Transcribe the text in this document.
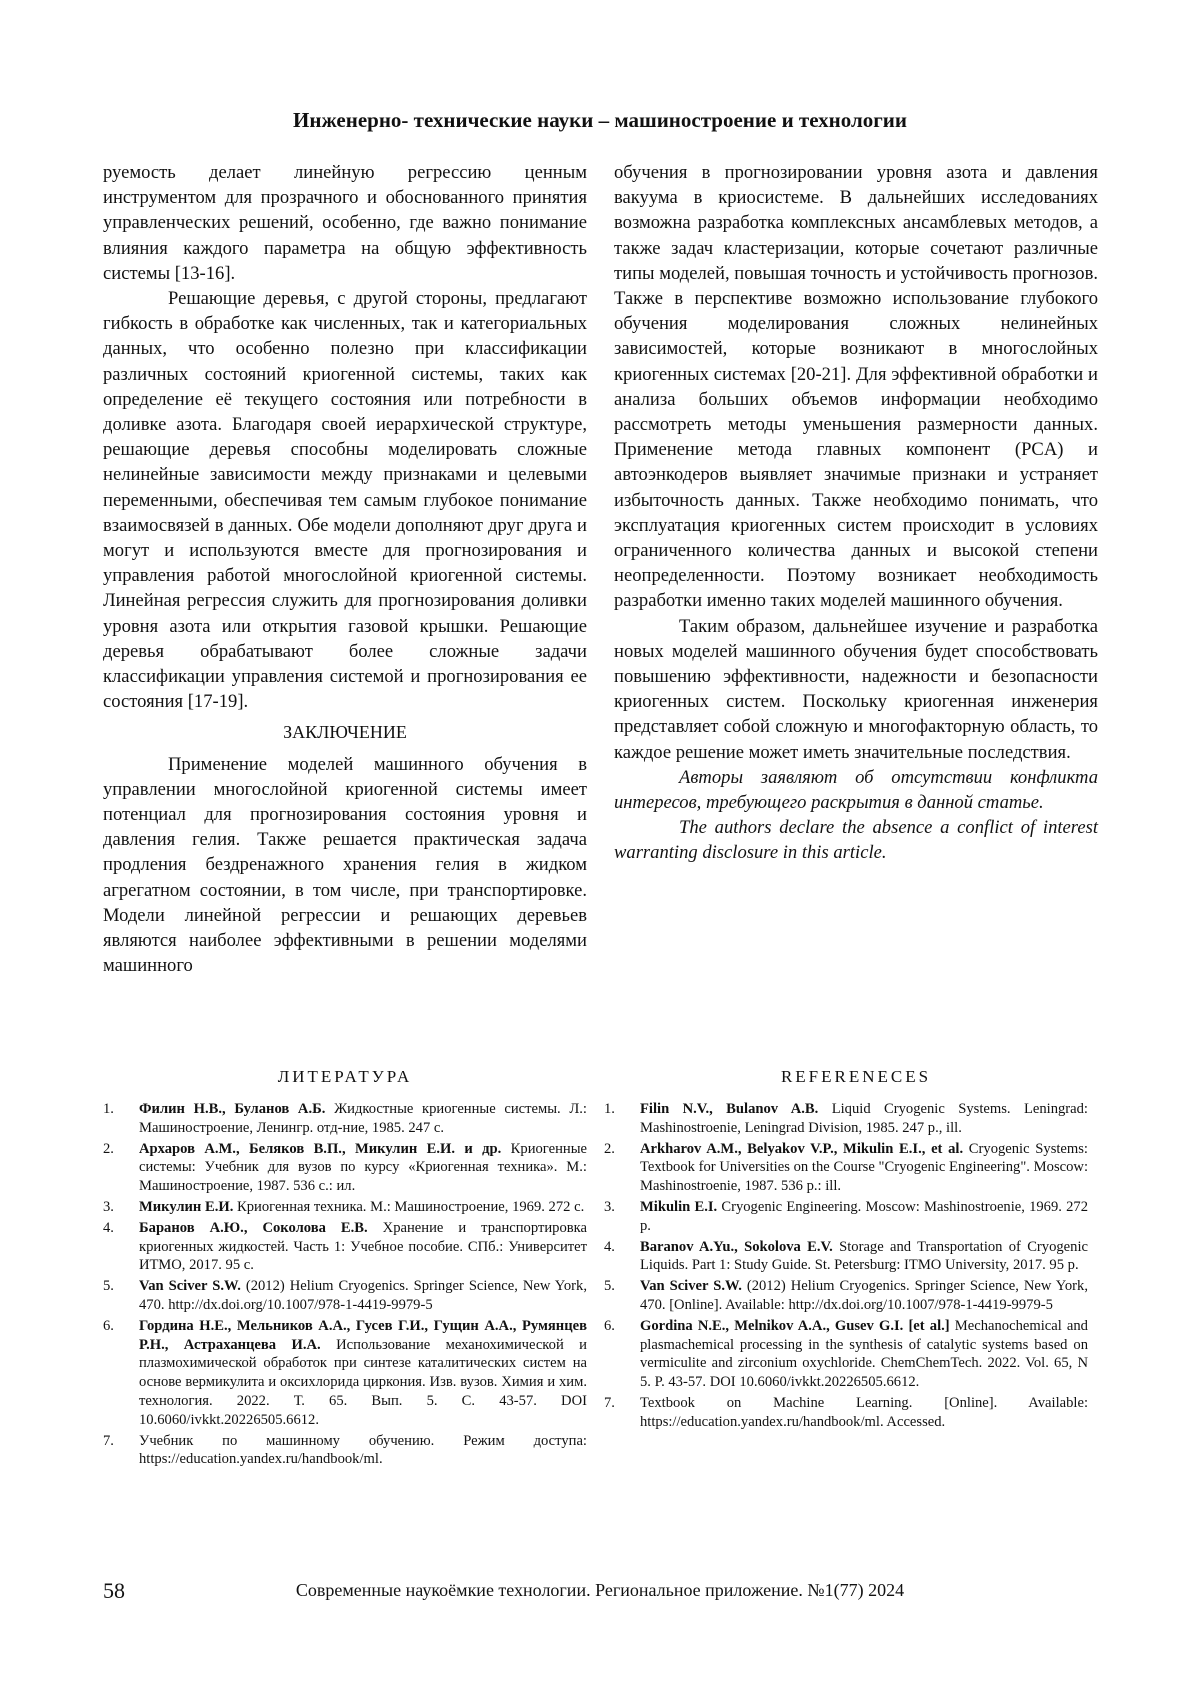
Инженерно- технические науки – машиностроение и технологии

руемость делает линейную регрессию ценным инструментом для прозрачного и обоснованного принятия управленческих решений, особенно, где важно понимание влияния каждого параметра на общую эффективность системы [13-16].

Решающие деревья, с другой стороны, предлагают гибкость в обработке как численных, так и категориальных данных, что особенно полезно при классификации различных состояний криогенной системы, таких как определение её текущего состояния или потребности в доливке азота. Благодаря своей иерархической структуре, решающие деревья способны моделировать сложные нелинейные зависимости между признаками и целевыми переменными, обеспечивая тем самым глубокое понимание взаимосвязей в данных. Обе модели дополняют друг друга и могут и используются вместе для прогнозирования и управления работой многослойной криогенной системы. Линейная регрессия служить для прогнозирования доливки уровня азота или открытия газовой крышки. Решающие деревья обрабатывают более сложные задачи классификации управления системой и прогнозирования ее состояния [17-19].

ЗАКЛЮЧЕНИЕ

Применение моделей машинного обучения в управлении многослойной криогенной системы имеет потенциал для прогнозирования состояния уровня и давления гелия. Также решается практическая задача продления бездренажного хранения гелия в жидком агрегатном состоянии, в том числе, при транспортировке. Модели линейной регрессии и решающих деревьев являются наиболее эффективными в решении моделями машинного

обучения в прогнозировании уровня азота и давления вакуума в криосистеме. В дальнейших исследованиях возможна разработка комплексных ансамблевых методов, а также задач кластеризации, которые сочетают различные типы моделей, повышая точность и устойчивость прогнозов. Также в перспективе возможно использование глубокого обучения моделирования сложных нелинейных зависимостей, которые возникают в многослойных криогенных системах [20-21]. Для эффективной обработки и анализа больших объемов информации необходимо рассмотреть методы уменьшения размерности данных. Применение метода главных компонент (PCA) и автоэнкодеров выявляет значимые признаки и устраняет избыточность данных. Также необходимо понимать, что эксплуатация криогенных систем происходит в условиях ограниченного количества данных и высокой степени неопределенности. Поэтому возникает необходимость разработки именно таких моделей машинного обучения.

Таким образом, дальнейшее изучение и разработка новых моделей машинного обучения будет способствовать повышению эффективности, надежности и безопасности криогенных систем. Поскольку криогенная инженерия представляет собой сложную и многофакторную область, то каждое решение может иметь значительные последствия.

Авторы заявляют об отсутствии конфликта интересов, требующего раскрытия в данной статье.

The authors declare the absence a conflict of interest warranting disclosure in this article.

ЛИТЕРАТУРА	REFERENECES
1.	Филин Н.В., Буланов А.Б. Жидкостные криогенные системы. Л.: Машиностроение, Ленингр. отд-ние, 1985. 247 с.
2.	Архаров А.М., Беляков В.П., Микулин Е.И. и др. Криогенные системы: Учебник для вузов по курсу «Криогенная техника». М.: Машиностроение, 1987. 536 с.: ил.
3.	Микулин Е.И. Криогенная техника. М.: Машиностроение, 1969. 272 с.
4.	Баранов А.Ю., Соколова Е.В. Хранение и транспортировка криогенных жидкостей. Часть 1: Учебное пособие. СПб.: Университет ИТМО, 2017. 95 с.
5.	Van Sciver S.W. (2012) Helium Cryogenics. Springer Science, New York, 470. http://dx.doi.org/10.1007/978-1-4419-9979-5
6.	Гордина Н.Е., Мельников А.А., Гусев Г.И., Гущин А.А., Румянцев Р.Н., Астраханцева И.А. Использование механохимической и плазмохимической обработок при синтезе каталитических систем на основе вермикулита и оксихлорида циркония. Изв. вузов. Химия и хим. технология. 2022. Т. 65. Вып. 5. С. 43-57. DOI 10.6060/ivkkt.20226505.6612.
7.	Учебник по машинному обучению. Режим доступа: https://education.yandex.ru/handbook/ml.
1.	Filin N.V., Bulanov A.B. Liquid Cryogenic Systems. Leningrad: Mashinostroenie, Leningrad Division, 1985. 247 p., ill.
2.	Arkharov A.M., Belyakov V.P., Mikulin E.I., et al. Cryogenic Systems: Textbook for Universities on the Course "Cryogenic Engineering". Moscow: Mashinostroenie, 1987. 536 p.: ill.
3.	Mikulin E.I. Cryogenic Engineering. Moscow: Mashinostroenie, 1969. 272 p.
4.	Baranov A.Yu., Sokolova E.V. Storage and Transportation of Cryogenic Liquids. Part 1: Study Guide. St. Petersburg: ITMO University, 2017. 95 p.
5.	Van Sciver S.W. (2012) Helium Cryogenics. Springer Science, New York, 470. [Online]. Available: http://dx.doi.org/10.1007/978-1-4419-9979-5
6.	Gordina N.E., Melnikov A.A., Gusev G.I. [et al.] Mechanochemical and plasmachemical processing in the synthesis of catalytic systems based on vermiculite and zirconium oxychloride. ChemChemTech. 2022. Vol. 65, N 5. P. 43-57. DOI 10.6060/ivkkt.20226505.6612.
7.	Textbook on Machine Learning. [Online]. Available: https://education.yandex.ru/handbook/ml. Accessed.
58	Современные наукоёмкие технологии. Региональное приложение. №1(77) 2024
